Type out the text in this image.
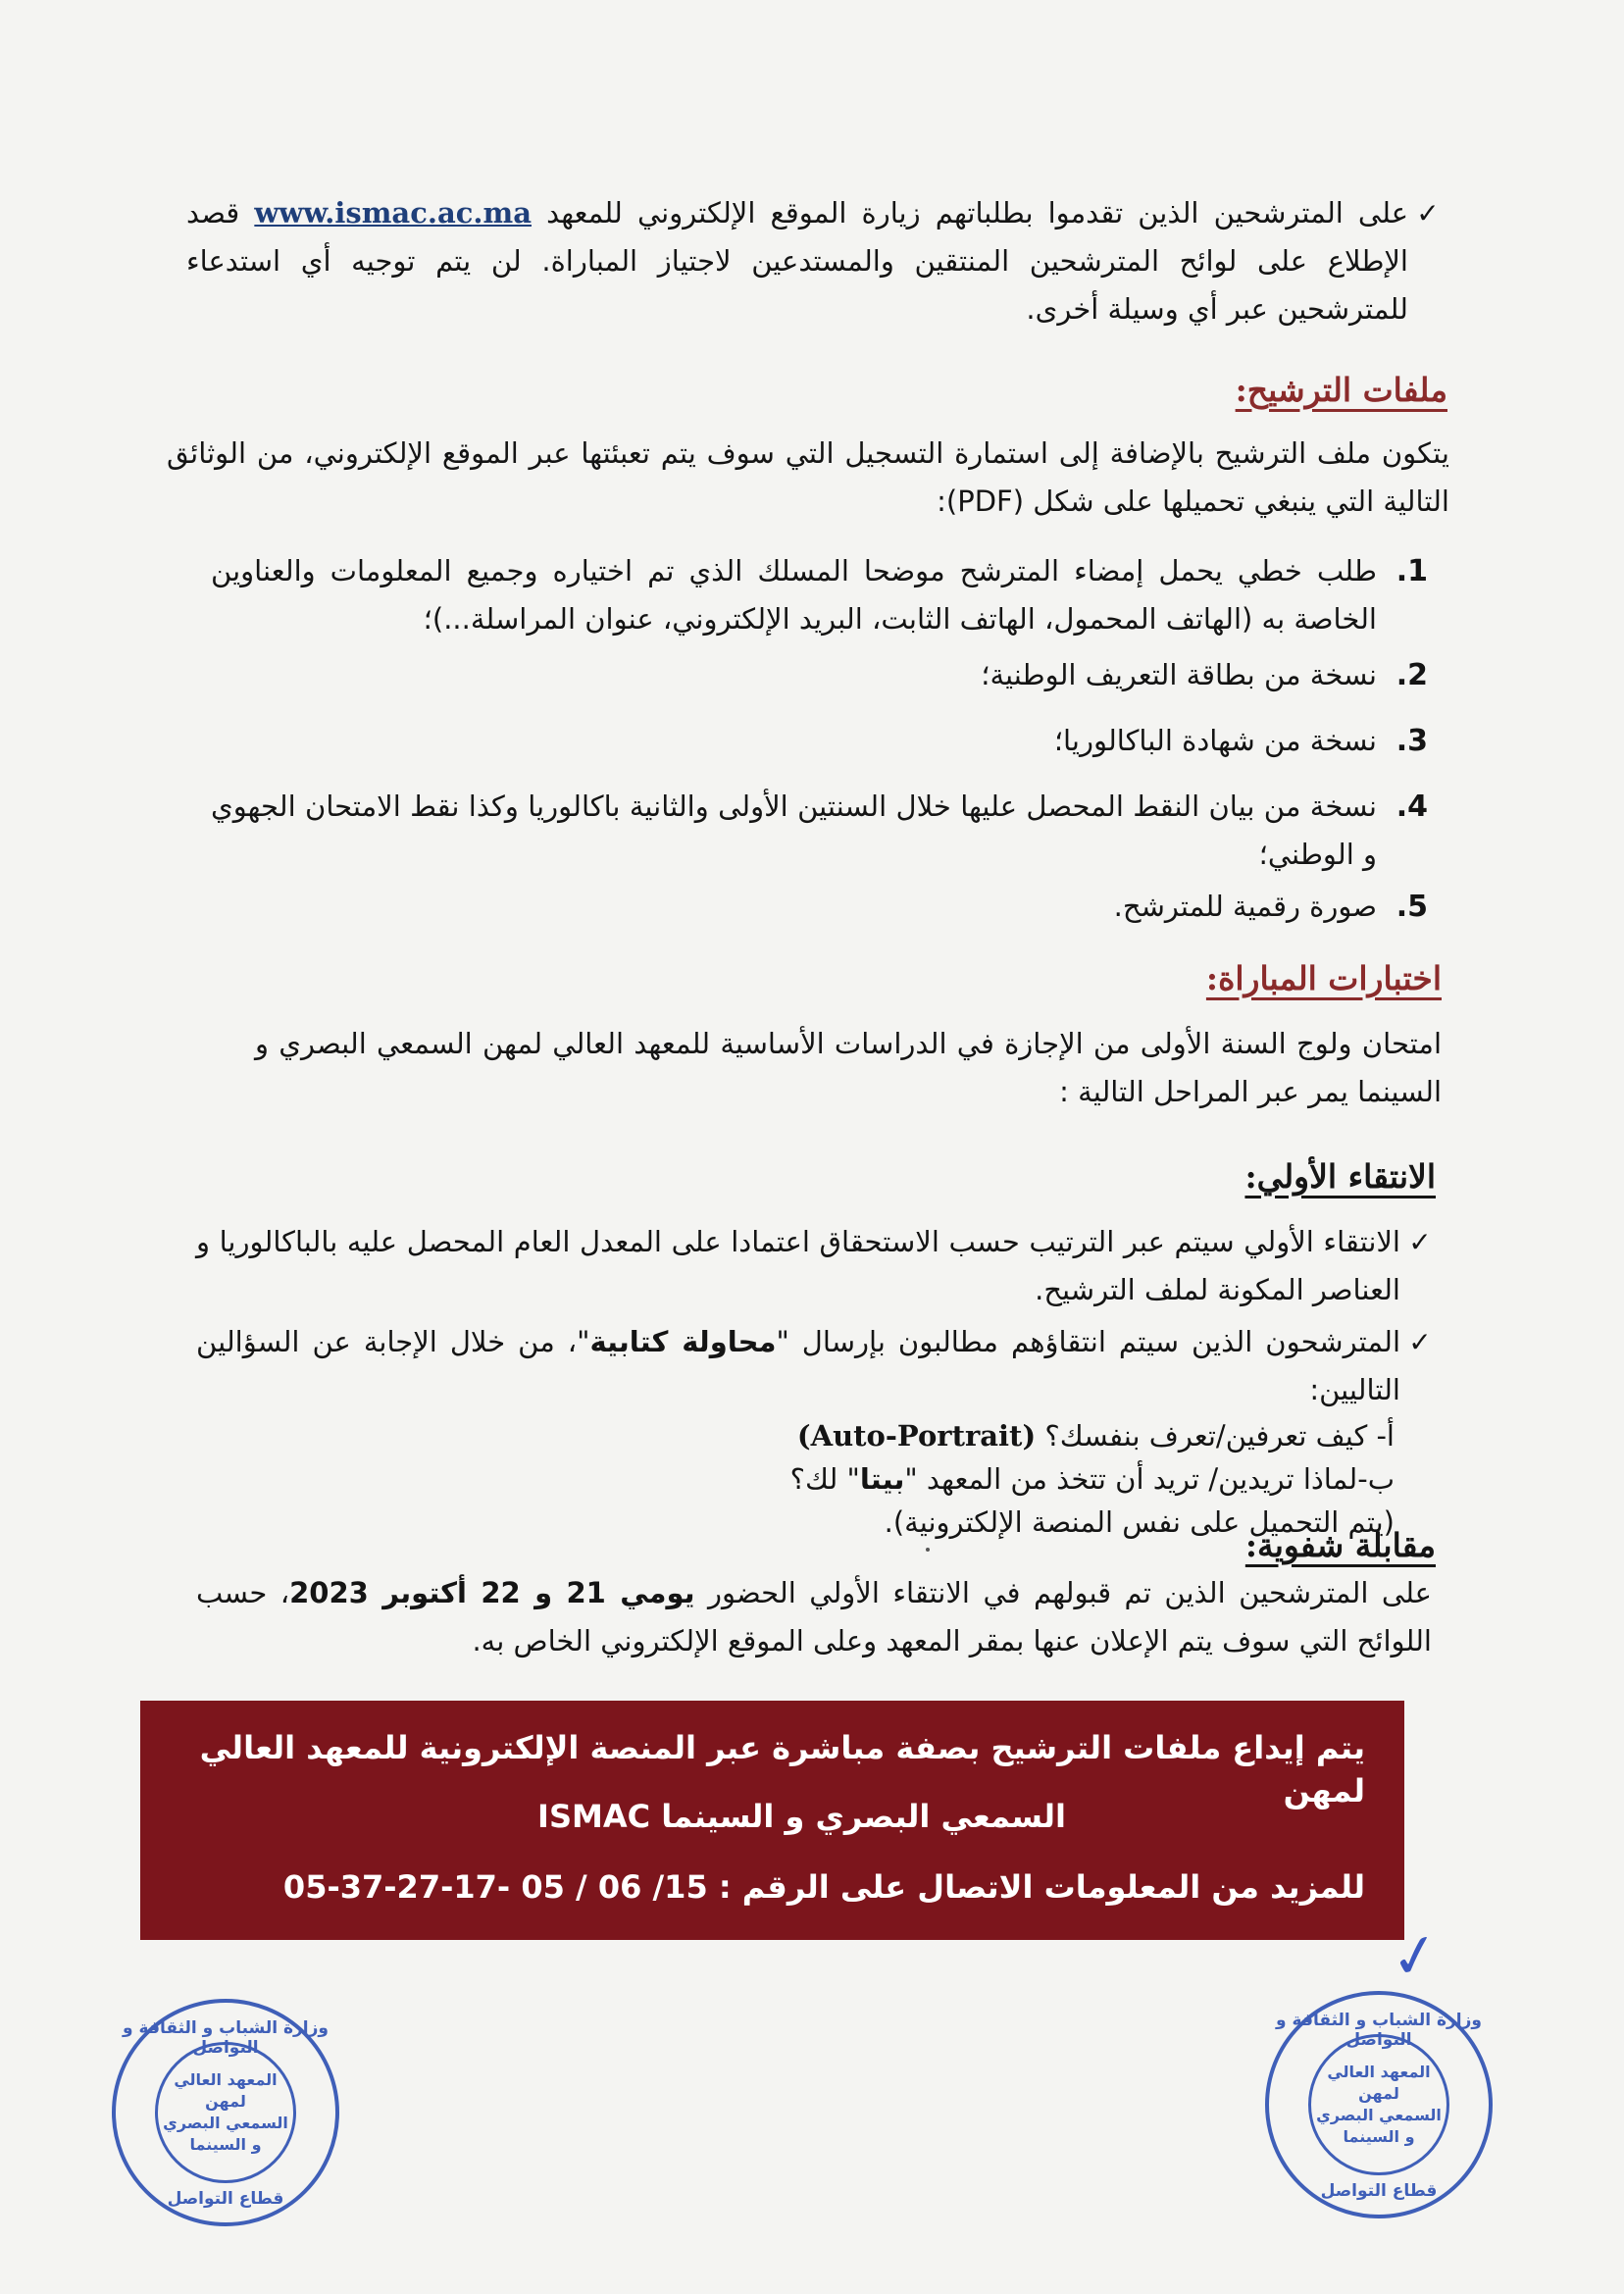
✓
على المترشحين الذين تقدموا بطلباتهم زيارة الموقع الإلكتروني للمعهد www.ismac.ac.ma قصد الإطلاع على لوائح المترشحين المنتقين والمستدعين لاجتياز المباراة. لن يتم توجيه أي استدعاء للمترشحين عبر أي وسيلة أخرى.
ملفات الترشيح:
يتكون ملف الترشيح بالإضافة إلى استمارة التسجيل التي سوف يتم تعبئتها عبر الموقع الإلكتروني، من الوثائق التالية التي ينبغي تحميلها على شكل (PDF):
1.
طلب خطي يحمل إمضاء المترشح موضحا المسلك الذي تم اختياره وجميع المعلومات والعناوين الخاصة به (الهاتف المحمول، الهاتف الثابت، البريد الإلكتروني، عنوان المراسلة...)؛
2.
نسخة من بطاقة التعريف الوطنية؛
3.
نسخة من شهادة الباكالوريا؛
4.
نسخة من بيان النقط المحصل عليها خلال السنتين الأولى والثانية باكالوريا وكذا نقط الامتحان الجهوي و الوطني؛
5.
صورة رقمية للمترشح.
اختبارات المباراة:
امتحان ولوج السنة الأولى من الإجازة في الدراسات الأساسية للمعهد العالي لمهن السمعي البصري و السينما يمر عبر المراحل التالية :
الانتقاء الأولي:
✓
الانتقاء الأولي سيتم عبر الترتيب حسب الاستحقاق اعتمادا على المعدل العام المحصل عليه بالباكالوريا و العناصر المكونة لملف الترشيح.
✓
المترشحون الذين سيتم انتقاؤهم مطالبون بإرسال "محاولة كتابية"، من خلال الإجابة عن السؤالين التاليين:
أ- كيف تعرفين/تعرف بنفسك؟ (Auto-Portrait)
ب-لماذا تريدين/ تريد أن تتخذ من المعهد "بيتا" لك؟
(يتم التحميل على نفس المنصة الإلكترونية).
مقابلة شفوية:
على المترشحين الذين تم قبولهم في الانتقاء الأولي الحضور يومي 21 و 22 أكتوبر 2023، حسب اللوائح التي سوف يتم الإعلان عنها بمقر المعهد وعلى الموقع الإلكتروني الخاص به.
يتم إيداع ملفات الترشيح بصفة مباشرة عبر المنصة الإلكترونية للمعهد العالي لمهن
السمعي البصري و السينما ISMAC
للمزيد من المعلومات الاتصال على الرقم : 15/ 06 / 05 -17-27-37-05
✓
وزارة الشباب و الثقافة و التواصل
المعهد العالي لمهن
السمعي البصري
و السينما
قطاع التواصل
وزارة الشباب و الثقافة و التواصل
المعهد العالي لمهن
السمعي البصري
و السينما
قطاع التواصل
